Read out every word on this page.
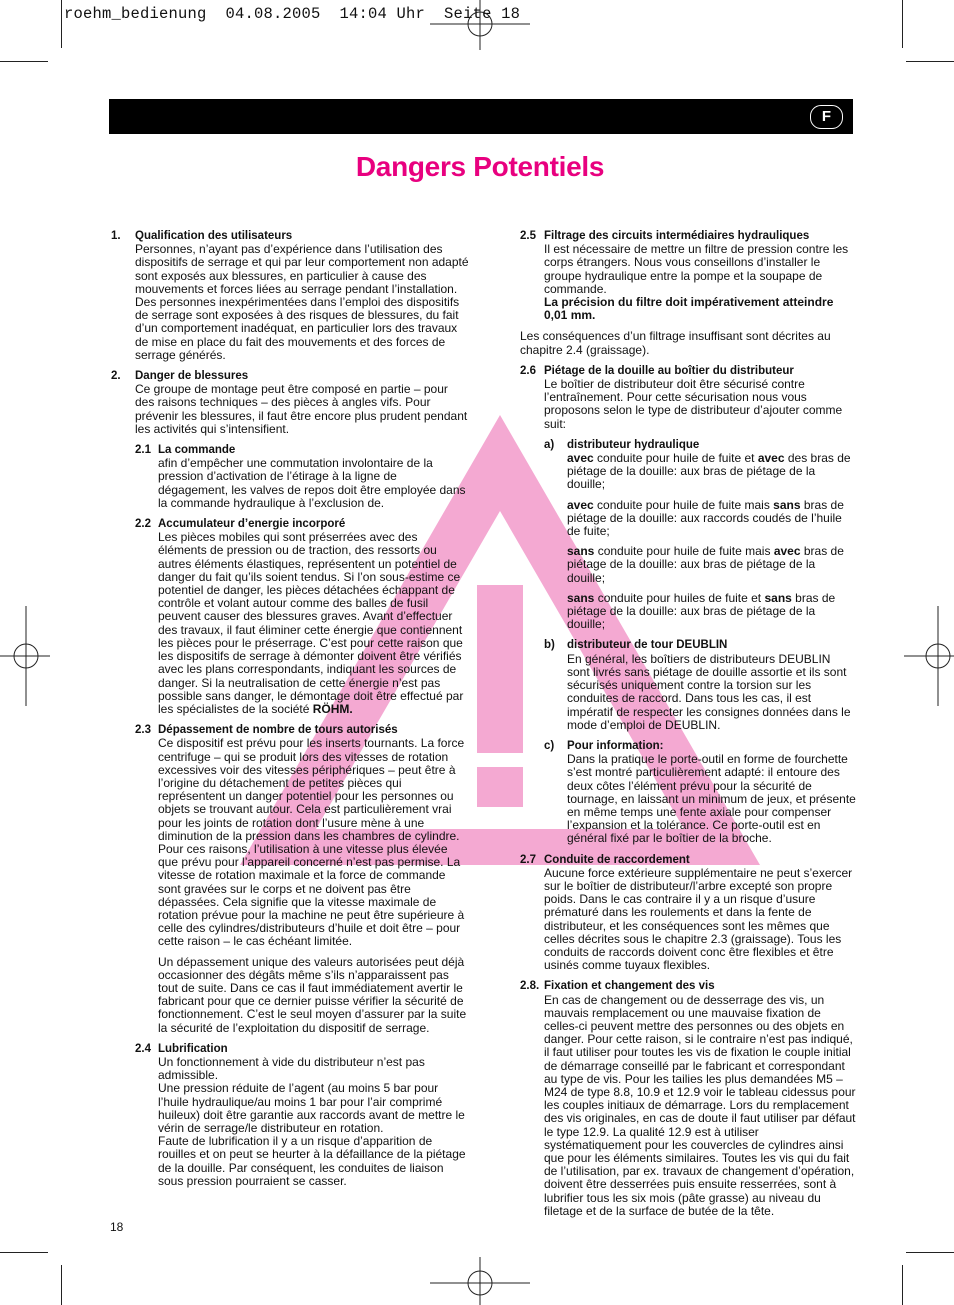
roehm_bedienung  04.08.2005  14:04 Uhr  Seite 18
F
Dangers Potentiels
1. Qualification des utilisateurs

Personnes, n’ayant pas d’expérience dans l’utilisation des dispositifs de serrage et qui par leur comportement non adapté sont exposés aux blessures, en particulier à cause des mouvements et forces liées au serrage pendant l’installation. Des personnes inexpérimentées dans l’emploi des dispositifs de serrage sont exposées à des risques de blessures, du fait d’un comportement inadéquat, en particulier lors des travaux de mise en place du fait des mouvements et des forces de serrage générés.

2. Danger de blessures

Ce groupe de montage peut être composé en partie – pour des raisons techniques – des pièces à angles vifs. Pour prévenir les blessures, il faut être encore plus prudent pendant les activités qui s’intensifient.

2.1 La commande

afin d’empêcher une commutation involontaire de la pression d’activation de l’étirage à la ligne de dégagement, les valves de repos doit être employée dans la commande hydraulique à l’exclusion de.

2.2 Accumulateur d’energie incorporé

Les pièces mobiles qui sont préserrées avec des éléments de pression ou de traction, des ressorts ou autres éléments élastiques, représentent un potentiel de danger du fait qu’ils soient tendus. Si l’on sous-estime ce potentiel de danger, les pièces détachées échappant de contrôle et volant autour comme des balles de fusil peuvent causer des blessures graves. Avant d’effectuer des travaux, il faut éliminer cette énergie que contiennent les pièces pour le préserrage. C’est pour cette raison que les dispositifs de serrage à démonter doivent être vérifiés avec les plans correspondants, indiquant les sources de danger. Si la neutralisation de cette énergie n’est pas possible sans danger, le démontage doit être effectué par les spécialistes de la société RÖHM.

2.3 Dépassement de nombre de tours autorisés

Ce dispositif est prévu pour les inserts tournants. La force centrifuge – qui se produit lors des vitesses de rotation excessives voir des vitesses périphériques – peut être à l’origine du détachement de petites pièces qui représentent un danger potentiel pour les personnes ou objets se trouvant autour. Cela est particulièrement vrai pour les joints de rotation dont l’usure mène à une diminution de la pression dans les chambres de cylindre. Pour ces raisons, l’utilisation à une vitesse plus élevée que prévu pour l’appareil concerné n’est pas permise. La vitesse de rotation maximale et la force de commande sont gravées sur le corps et ne doivent pas être dépassées. Cela signifie que la vitesse maximale de rotation prévue pour la machine ne peut être supérieure à celle des cylindres/distributeurs d’huile et doit être – pour cette raison – le cas échéant limitée.

Un dépassement unique des valeurs autorisées peut déjà occasionner des dégâts même s’ils n’apparaissent pas tout de suite. Dans ce cas il faut immédiatement avertir le fabricant pour que ce dernier puisse vérifier la sécurité de fonctionnement. C’est le seul moyen d’assurer par la suite la sécurité de l’exploitation du dispositif de serrage.

2.4 Lubrification
Un fonctionnement à vide du distributeur n’est pas admissible.
Une pression réduite de l’agent (au moins 5 bar pour l’huile hydraulique/au moins 1 bar pour l’air comprimé huileux) doit être garantie aux raccords avant de mettre le vérin de serrage/le distributeur en rotation.
Faute de lubrification il y a un risque d’apparition de rouilles et on peut se heurter à la défaillance de la piétage de la douille. Par conséquent, les conduites de liaison sous pression pourraient se casser.
2.5 Filtrage des circuits intermédiaires hydrauliques
Il est nécessaire de mettre un filtre de pression contre les corps étrangers. Nous vous conseillons d’installer le groupe hydraulique entre la pompe et la soupape de commande.
La précision du filtre doit impérativement atteindre 0,01 mm.
Les conséquences d’un filtrage insuffisant sont décrites au chapitre 2.4 (graissage).
2.6 Piétage de la douille au boîtier du distributeur
Le boîtier de distributeur doit être sécurisé contre l’entraînement. Pour cette sécurisation nous vous proposons selon le type de distributeur d’ajouter comme suit:
a) distributeur hydraulique

avec conduite pour huile de fuite et avec des bras de piétage de la douille: aux bras de piétage de la douille;

avec conduite pour huile de fuite mais sans bras de piétage de la douille: aux raccords coudés de l’huile de fuite;

sans conduite pour huile de fuite mais avec bras de piétage de la douille: aux bras de piétage de la douille;

sans conduite pour huiles de fuite et sans bras de piétage de la douille: aux bras de piétage de la douille;

b) distributeur de tour DEUBLIN

En général, les boîtiers de distributeurs DEUBLIN sont livrés sans piétage de douille assortie et ils sont sécurisés uniquement contre la torsion sur les conduites de raccord. Dans tous les cas, il est impératif de respecter les consignes données dans le mode d’emploi de DEUBLIN.

c) Pour information:

Dans la pratique le porte-outil en forme de fourchette s’est montré particulièrement adapté: il entoure des deux côtes l’élément prévu pour la sécurité de tournage, en laissant un minimum de jeux, et présente en même temps une fente axiale pour compenser l’expansion et la tolérance. Ce porte-outil est en général fixé par le boîtier de la broche.

2.7 Conduite de raccordement

Aucune force extérieure supplémentaire ne peut s’exercer sur le boîtier de distributeur/l’arbre excepté son propre poids. Dans le cas contraire il y a un risque d’usure prématuré dans les roulements et dans la fente de distributeur, et les conséquences sont les mêmes que celles décrites sous le chapitre 2.3 (graissage). Tous les conduits de raccords doivent conc être flexibles et être usinés comme tuyaux flexibles.

2.8. Fixation et changement des vis

En cas de changement ou de desserrage des vis, un mauvais remplacement ou une mauvaise fixation de celles-ci peuvent mettre des personnes ou des objets en danger. Pour cette raison, si le contraire n’est pas indiqué, il faut utiliser pour toutes les vis de fixation le couple initial de démarrage conseillé par le fabricant et correspondant au type de vis. Pour les tailies les plus demandées M5 – M24 de type 8.8, 10.9 et 12.9 voir le tableau cidessus pour les couples initiaux de démarrage. Lors du remplacement des vis originales, en cas de doute il faut utiliser par défaut le type 12.9. La qualité 12.9 est à utiliser systématiquement pour les couvercles de cylindres ainsi que pour les éléments similaires. Toutes les vis qui du fait de l’utilisation, par ex. travaux de changement d’opération, doivent être desserrées puis ensuite resserrées, sont à lubrifier tous les six mois (pâte grasse) au niveau du filetage et de la surface de butée de la tête.

18
